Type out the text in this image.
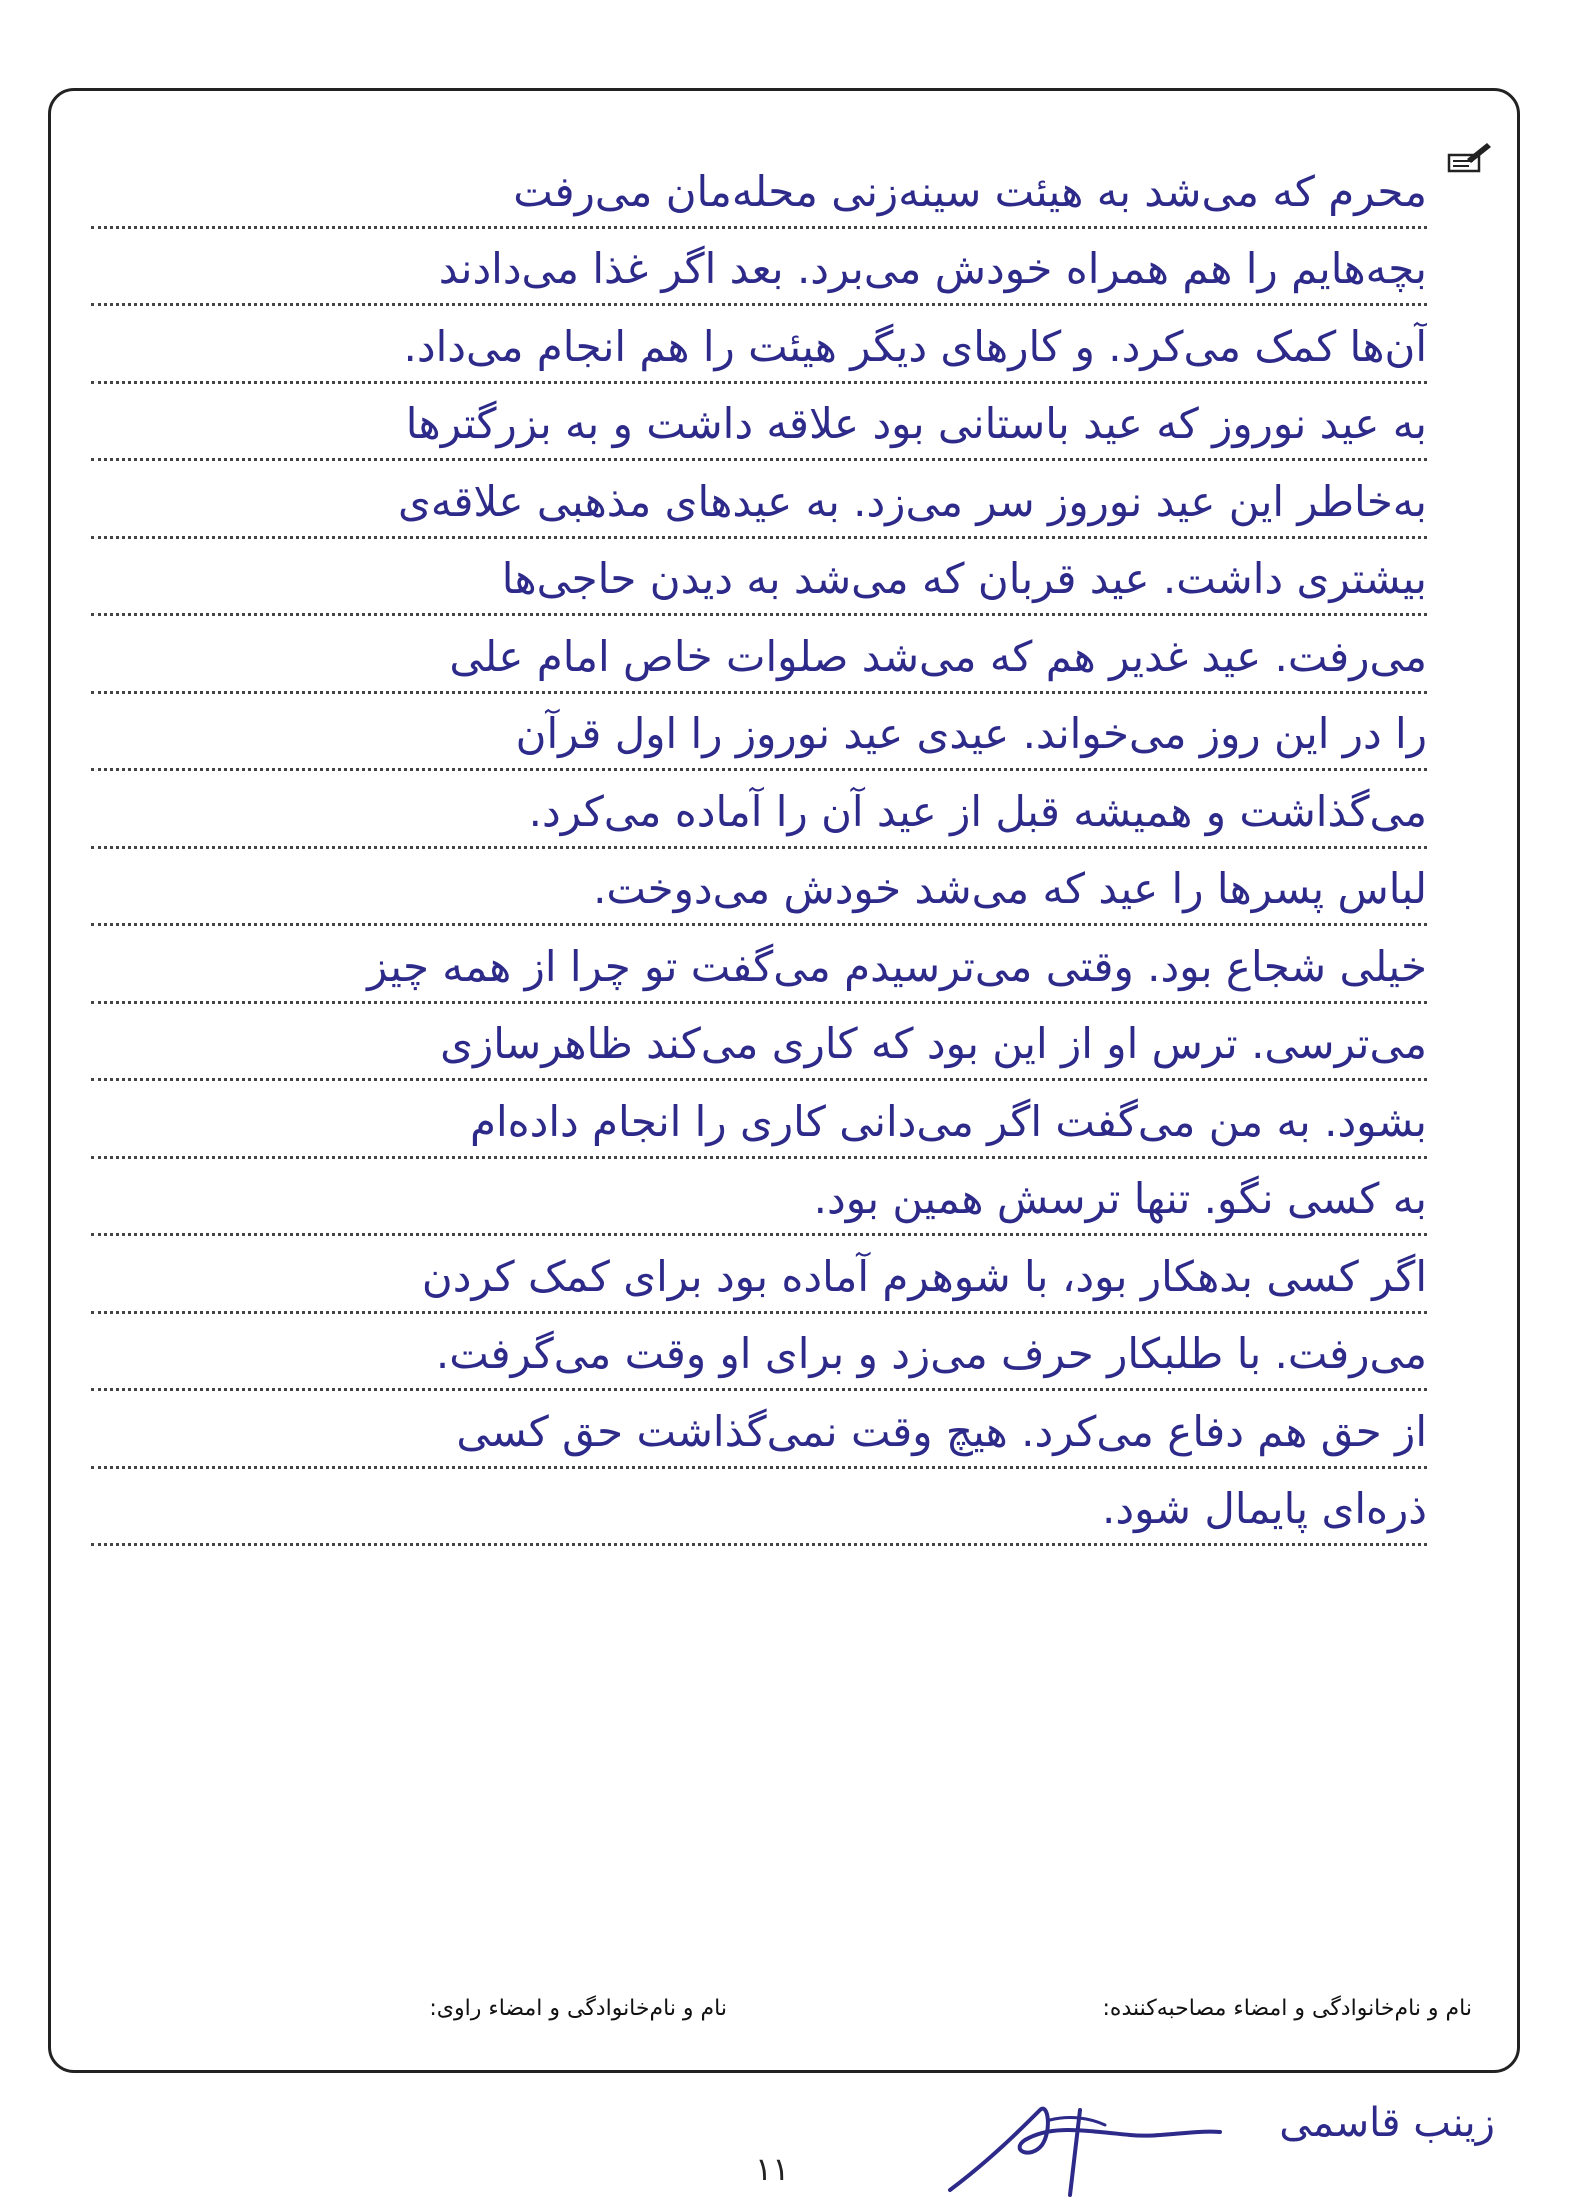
محرم که می‌شد به هیئت سینه‌زنی محله‌مان می‌رفت
بچه‌هایم را هم همراه خودش می‌برد. بعد اگر غذا می‌دادند
آن‌ها کمک می‌کرد. و کارهای دیگر هیئت را هم انجام می‌داد.
به عید نوروز که عید باستانی بود علاقه داشت و به بزرگترها
به‌خاطر این عید نوروز سر می‌زد. به عیدهای مذهبی علاقه‌ی
بیشتری داشت. عید قربان که می‌شد به دیدن حاجی‌ها
می‌رفت. عید غدیر هم که می‌شد صلوات خاص امام علی
را در این روز می‌خواند. عیدی عید نوروز را اول قرآن
می‌گذاشت و همیشه قبل از عید آن را آماده می‌کرد.
لباس پسرها را عید که می‌شد خودش می‌دوخت.
خیلی شجاع بود. وقتی می‌ترسیدم می‌گفت تو چرا از همه چیز
می‌ترسی. ترس او از این بود که کاری می‌کند ظاهرسازی
بشود. به من می‌گفت اگر می‌دانی کاری را انجام داده‌ام
به کسی نگو. تنها ترسش همین بود.
اگر کسی بدهکار بود، با شوهرم آماده بود برای کمک کردن
می‌رفت. با طلبکار حرف می‌زد و برای او وقت می‌گرفت.
از حق هم دفاع می‌کرد. هیچ وقت نمی‌گذاشت حق کسی
ذره‌ای پایمال شود.
نام و نام‌خانوادگی و امضاء مصاحبه‌کننده:
نام و نام‌خانوادگی و امضاء راوی:
زینب قاسمی
۱۱
